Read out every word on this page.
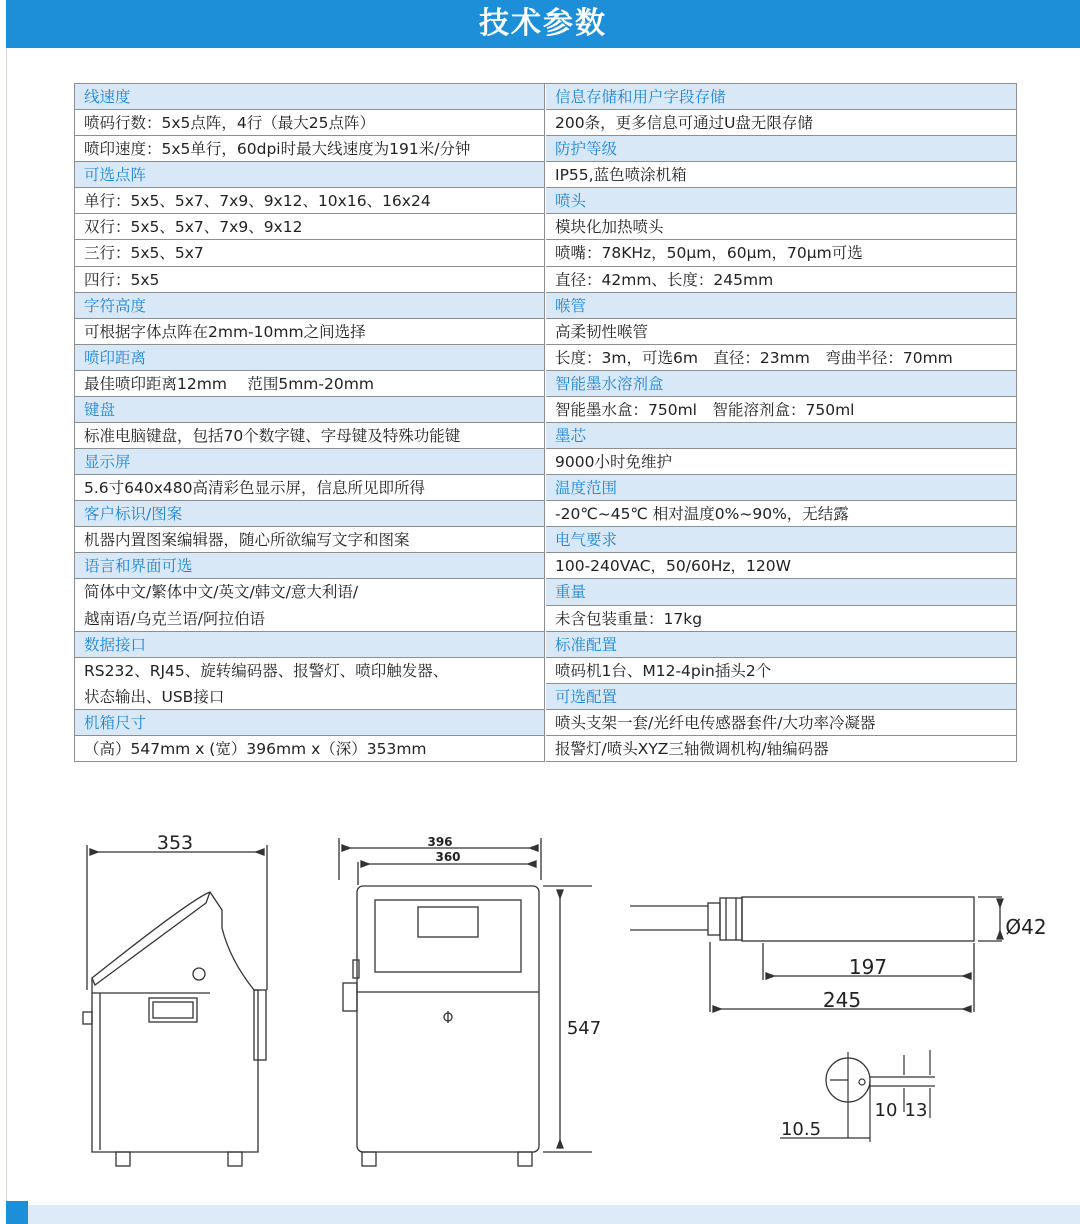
技术参数
线速度
喷码行数：5x5点阵，4行（最大25点阵）
喷印速度：5x5单行，60dpi时最大线速度为191米/分钟
可选点阵
单行：5x5、5x7、7x9、9x12、10x16、16x24
双行：5x5、5x7、7x9、9x12
三行：5x5、5x7
四行：5x5
字符高度
可根据字体点阵在2mm-10mm之间选择
喷印距离
最佳喷印距离12mm　 范围5mm-20mm
键盘
标准电脑键盘，包括70个数字键、字母键及特殊功能键
显示屏
5.6寸640x480高清彩色显示屏，信息所见即所得
客户标识/图案
机器内置图案编辑器，随心所欲编写文字和图案
语言和界面可选
简体中文/繁体中文/英文/韩文/意大利语/
越南语/乌克兰语/阿拉伯语
数据接口
RS232、RJ45、旋转编码器、报警灯、喷印触发器、
状态输出、USB接口
机箱尺寸
（高）547mm x (宽）396mm x（深）353mm
信息存储和用户字段存储
200条，更多信息可通过U盘无限存储
防护等级
IP55,蓝色喷涂机箱
喷头
模块化加热喷头
喷嘴：78KHz，50μm，60μm，70μm可选
直径：42mm、长度：245mm
喉管
高柔韧性喉管
长度：3m，可选6m　直径：23mm　弯曲半径：70mm
智能墨水溶剂盒
智能墨水盒：750ml　智能溶剂盒：750ml
墨芯
9000小时免维护
温度范围
-20℃~45℃ 相对温度0%~90%，无结露
电气要求
100-240VAC，50/60Hz，120W
重量
未含包装重量：17kg
标准配置
喷码机1台、M12-4pin插头2个
可选配置
喷头支架一套/光纤电传感器套件/大功率冷凝器
报警灯/喷头XYZ三轴微调机构/轴编码器
353	396
360
547
Ø42
197
245
10 13
10.5
